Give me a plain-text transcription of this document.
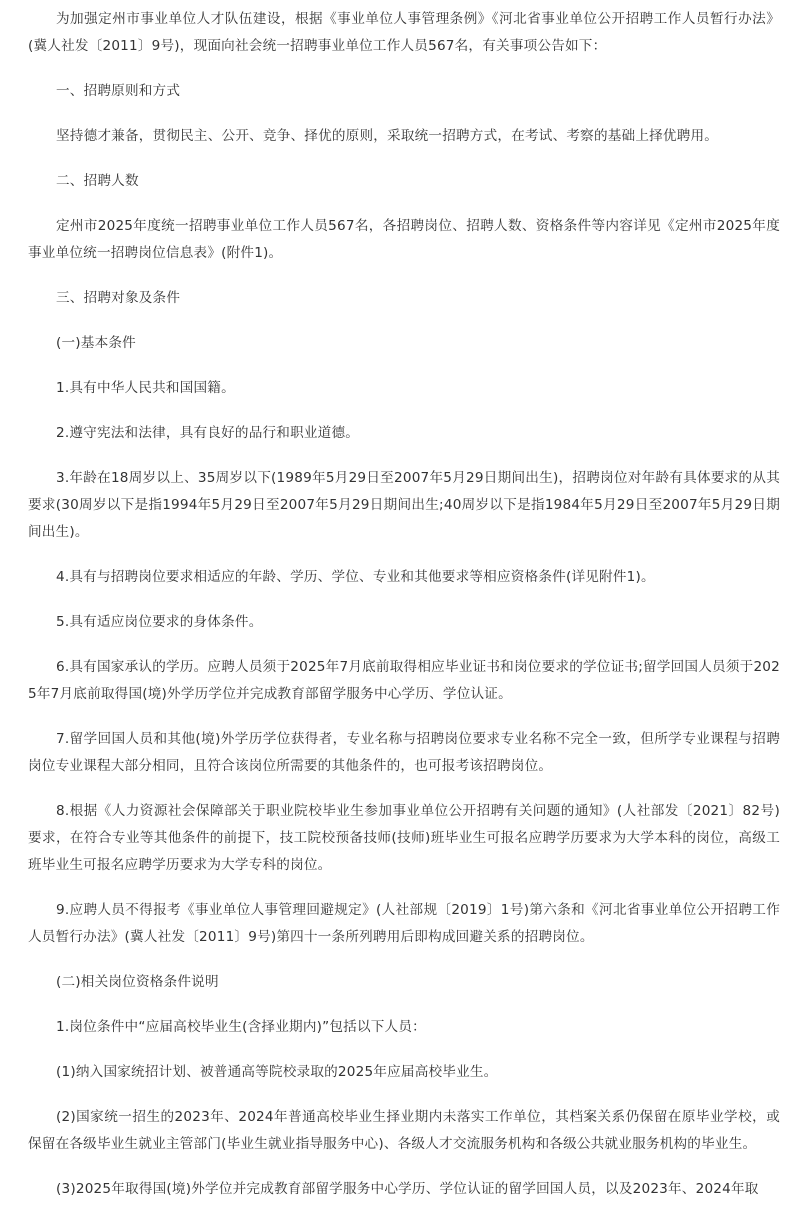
为加强定州市事业单位人才队伍建设，根据《事业单位人事管理条例》《河北省事业单位公开招聘工作人员暂行办法》(冀人社发〔2011〕9号)，现面向社会统一招聘事业单位工作人员567名，有关事项公告如下：

一、招聘原则和方式

坚持德才兼备，贯彻民主、公开、竞争、择优的原则，采取统一招聘方式，在考试、考察的基础上择优聘用。

二、招聘人数

定州市2025年度统一招聘事业单位工作人员567名，各招聘岗位、招聘人数、资格条件等内容详见《定州市2025年度事业单位统一招聘岗位信息表》(附件1)。

三、招聘对象及条件

(一)基本条件

1.具有中华人民共和国国籍。

2.遵守宪法和法律，具有良好的品行和职业道德。

3.年龄在18周岁以上、35周岁以下(1989年5月29日至2007年5月29日期间出生)，招聘岗位对年龄有具体要求的从其要求(30周岁以下是指1994年5月29日至2007年5月29日期间出生;40周岁以下是指1984年5月29日至2007年5月29日期间出生)。

4.具有与招聘岗位要求相适应的年龄、学历、学位、专业和其他要求等相应资格条件(详见附件1)。

5.具有适应岗位要求的身体条件。

6.具有国家承认的学历。应聘人员须于2025年7月底前取得相应毕业证书和岗位要求的学位证书;留学回国人员须于2025年7月底前取得国(境)外学历学位并完成教育部留学服务中心学历、学位认证。

7.留学回国人员和其他(境)外学历学位获得者，专业名称与招聘岗位要求专业名称不完全一致，但所学专业课程与招聘岗位专业课程大部分相同，且符合该岗位所需要的其他条件的，也可报考该招聘岗位。

8.根据《人力资源社会保障部关于职业院校毕业生参加事业单位公开招聘有关问题的通知》(人社部发〔2021〕82号)要求，在符合专业等其他条件的前提下，技工院校预备技师(技师)班毕业生可报名应聘学历要求为大学本科的岗位，高级工班毕业生可报名应聘学历要求为大学专科的岗位。

9.应聘人员不得报考《事业单位人事管理回避规定》(人社部规〔2019〕1号)第六条和《河北省事业单位公开招聘工作人员暂行办法》(冀人社发〔2011〕9号)第四十一条所列聘用后即构成回避关系的招聘岗位。

(二)相关岗位资格条件说明

1.岗位条件中“应届高校毕业生(含择业期内)”包括以下人员：

(1)纳入国家统招计划、被普通高等院校录取的2025年应届高校毕业生。

(2)国家统一招生的2023年、2024年普通高校毕业生择业期内未落实工作单位，其档案关系仍保留在原毕业学校，或保留在各级毕业生就业主管部门(毕业生就业指导服务中心)、各级人才交流服务机构和各级公共就业服务机构的毕业生。

(3)2025年取得国(境)外学位并完成教育部留学服务中心学历、学位认证的留学回国人员，以及2023年、2024年取
